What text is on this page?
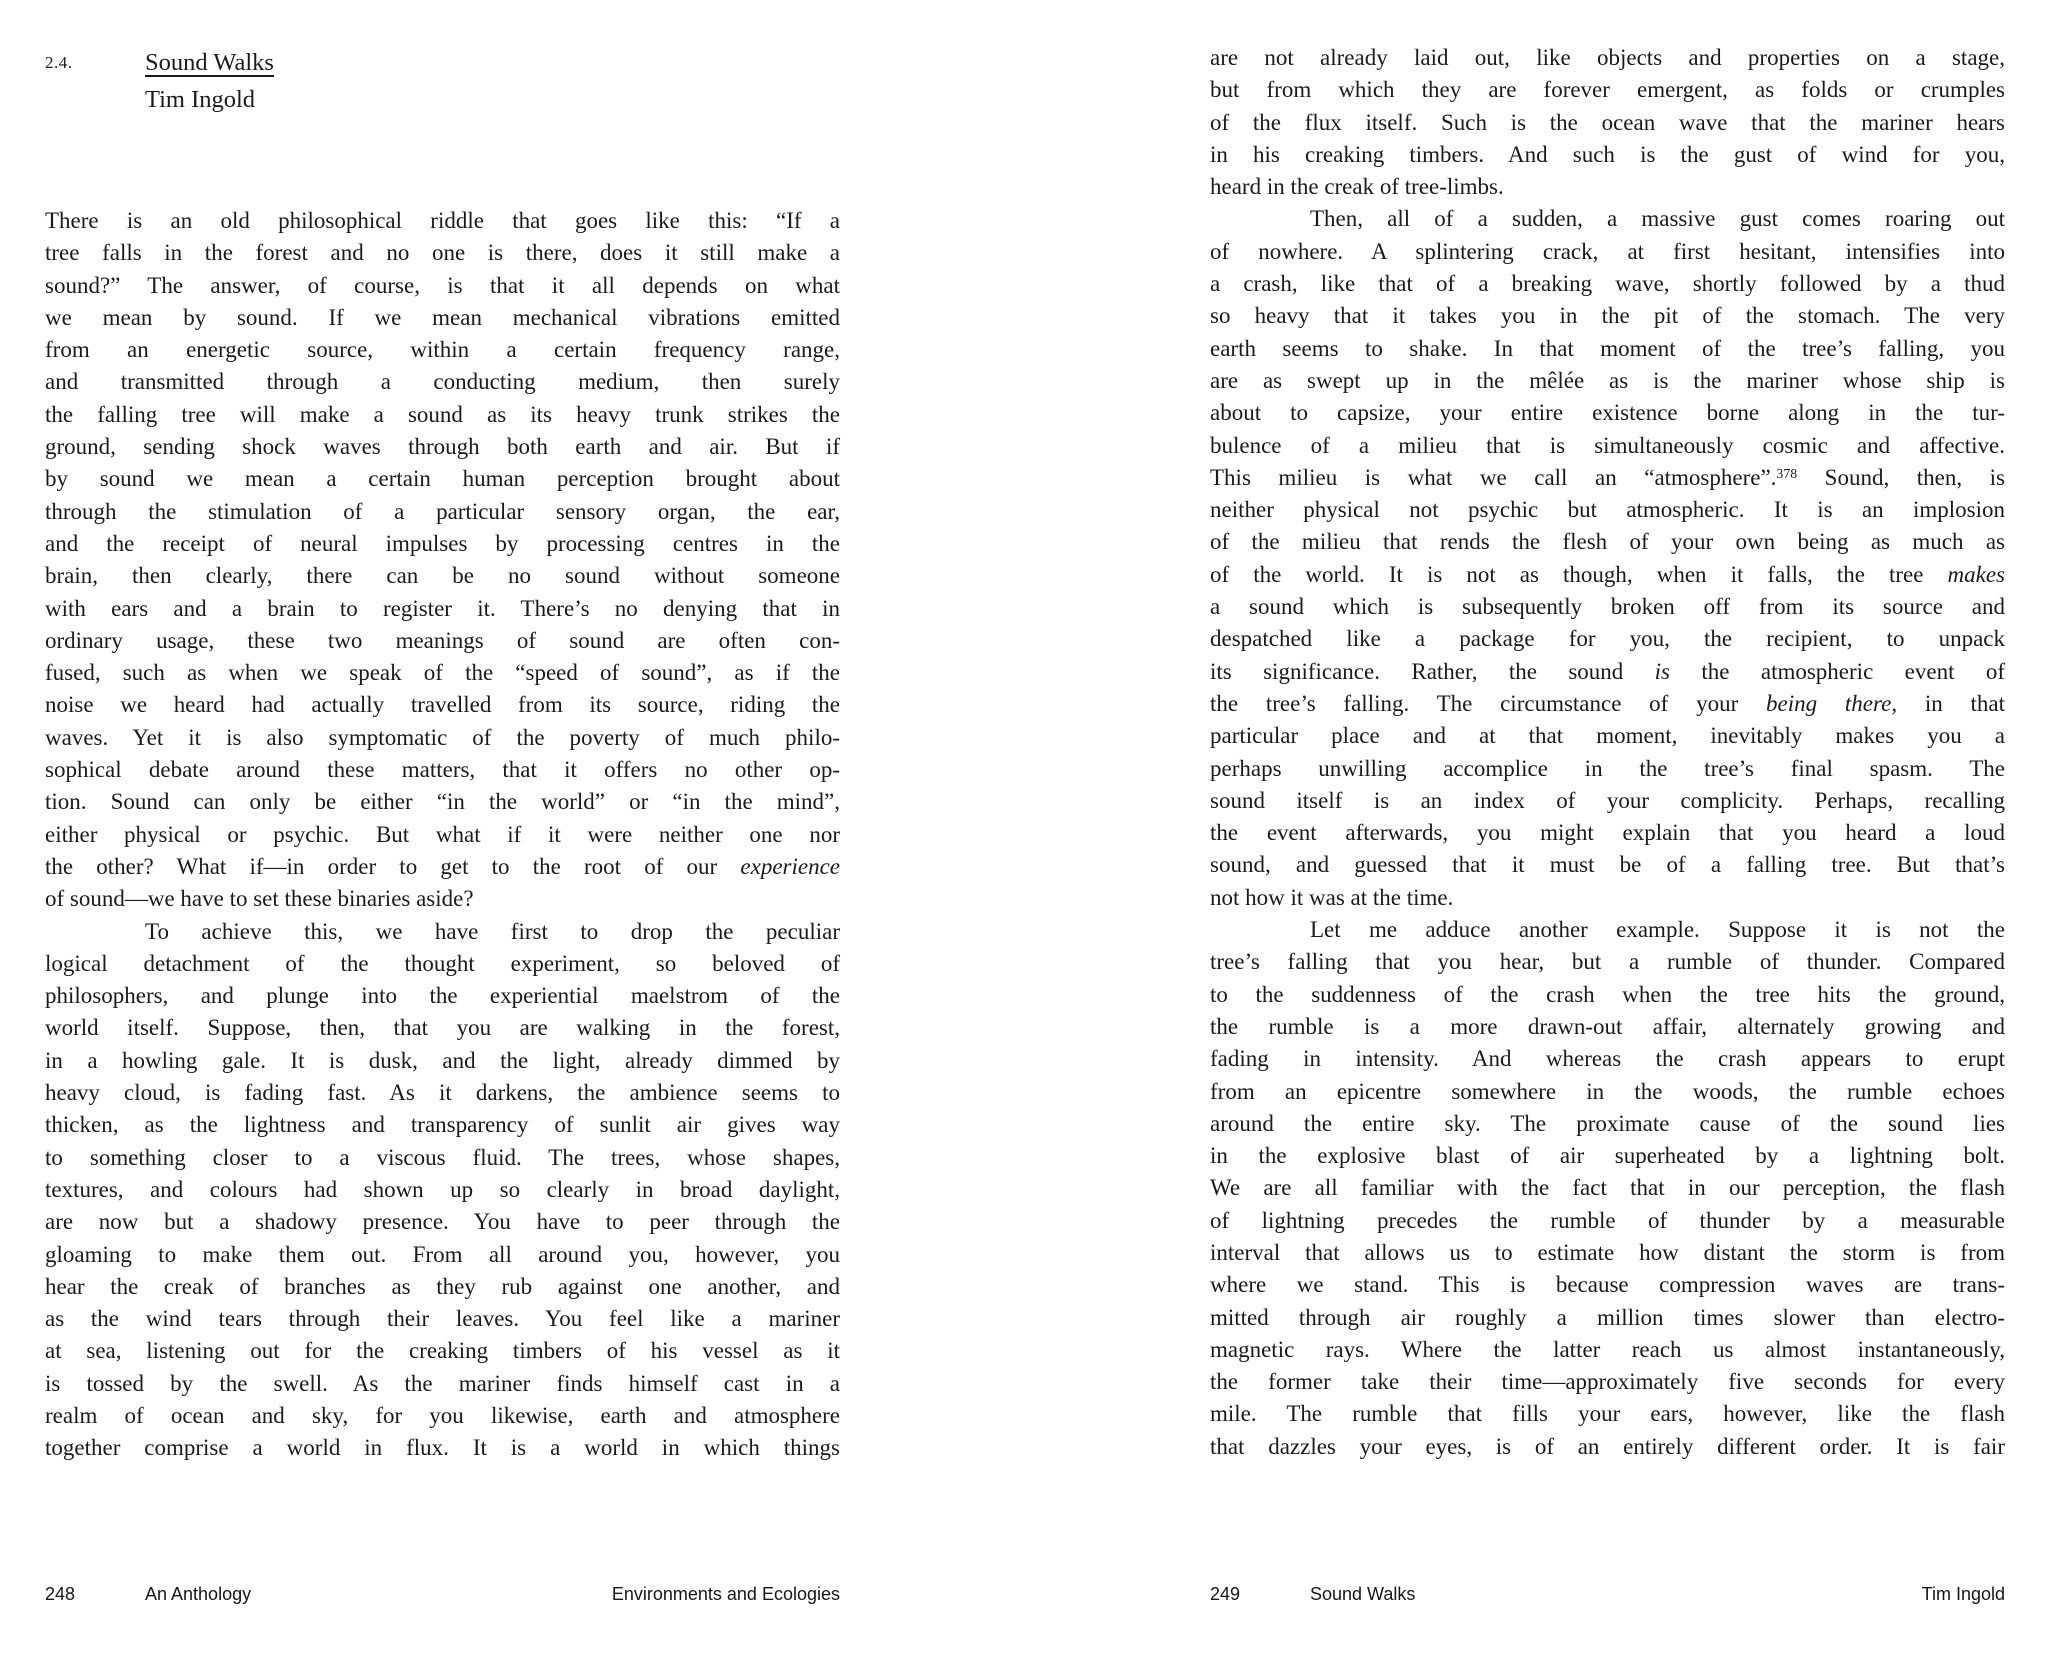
2.4.	Sound Walks
Tim Ingold
There is an old philosophical riddle that goes like this: “If a
tree falls in the forest and no one is there, does it still make a
sound?” The answer, of course, is that it all depends on what
we mean by sound. If we mean mechanical vibrations emitted
from an energetic source, within a certain frequency range,
and transmitted through a conducting medium, then surely
the falling tree will make a sound as its heavy trunk strikes the
ground, sending shock waves through both earth and air. But if
by sound we mean a certain human perception brought about
through the stimulation of a particular sensory organ, the ear,
and the receipt of neural impulses by processing centres in the
brain, then clearly, there can be no sound without someone
with ears and a brain to register it. There’s no denying that in
ordinary usage, these two meanings of sound are often con-
fused, such as when we speak of the “speed of sound”, as if the
noise we heard had actually travelled from its source, riding the
waves. Yet it is also symptomatic of the poverty of much philo-
sophical debate around these matters, that it offers no other op-
tion. Sound can only be either “in the world” or “in the mind”,
either physical or psychic. But what if it were neither one nor
the other? What if—in order to get to the root of our experience
of sound—we have to set these binaries aside?
To achieve this, we have first to drop the peculiar
logical detachment of the thought experiment, so beloved of
philosophers, and plunge into the experiential maelstrom of the
world itself. Suppose, then, that you are walking in the forest,
in a howling gale. It is dusk, and the light, already dimmed by
heavy cloud, is fading fast. As it darkens, the ambience seems to
thicken, as the lightness and transparency of sunlit air gives way
to something closer to a viscous fluid. The trees, whose shapes,
textures, and colours had shown up so clearly in broad daylight,
are now but a shadowy presence. You have to peer through the
gloaming to make them out. From all around you, however, you
hear the creak of branches as they rub against one another, and
as the wind tears through their leaves. You feel like a mariner
at sea, listening out for the creaking timbers of his vessel as it
is tossed by the swell. As the mariner finds himself cast in a
realm of ocean and sky, for you likewise, earth and atmosphere
together comprise a world in flux. It is a world in which things
are not already laid out, like objects and properties on a stage,
but from which they are forever emergent, as folds or crumples
of the flux itself. Such is the ocean wave that the mariner hears
in his creaking timbers. And such is the gust of wind for you,
heard in the creak of tree-limbs.
Then, all of a sudden, a massive gust comes roaring out
of nowhere. A splintering crack, at first hesitant, intensifies into
a crash, like that of a breaking wave, shortly followed by a thud
so heavy that it takes you in the pit of the stomach. The very
earth seems to shake. In that moment of the tree’s falling, you
are as swept up in the mêlée as is the mariner whose ship is
about to capsize, your entire existence borne along in the tur-
bulence of a milieu that is simultaneously cosmic and affective.
This milieu is what we call an “atmosphere”.$^{378}$ Sound, then, is
neither physical not psychic but atmospheric. It is an implosion
of the milieu that rends the flesh of your own being as much as
of the world. It is not as though, when it falls, the tree makes
a sound which is subsequently broken off from its source and
despatched like a package for you, the recipient, to unpack
its significance. Rather, the sound is the atmospheric event of
the tree’s falling. The circumstance of your being there, in that
particular place and at that moment, inevitably makes you a
perhaps unwilling accomplice in the tree’s final spasm. The
sound itself is an index of your complicity. Perhaps, recalling
the event afterwards, you might explain that you heard a loud
sound, and guessed that it must be of a falling tree. But that’s
not how it was at the time.
Let me adduce another example. Suppose it is not the
tree’s falling that you hear, but a rumble of thunder. Compared
to the suddenness of the crash when the tree hits the ground,
the rumble is a more drawn-out affair, alternately growing and
fading in intensity. And whereas the crash appears to erupt
from an epicentre somewhere in the woods, the rumble echoes
around the entire sky. The proximate cause of the sound lies
in the explosive blast of air superheated by a lightning bolt.
We are all familiar with the fact that in our perception, the flash
of lightning precedes the rumble of thunder by a measurable
interval that allows us to estimate how distant the storm is from
where we stand. This is because compression waves are trans-
mitted through air roughly a million times slower than electro-
magnetic rays. Where the latter reach us almost instantaneously,
the former take their time—approximately five seconds for every
mile. The rumble that fills your ears, however, like the flash
that dazzles your eyes, is of an entirely different order. It is fair
248	An Anthology	Environments and Ecologies	249	Sound Walks	Tim Ingold
